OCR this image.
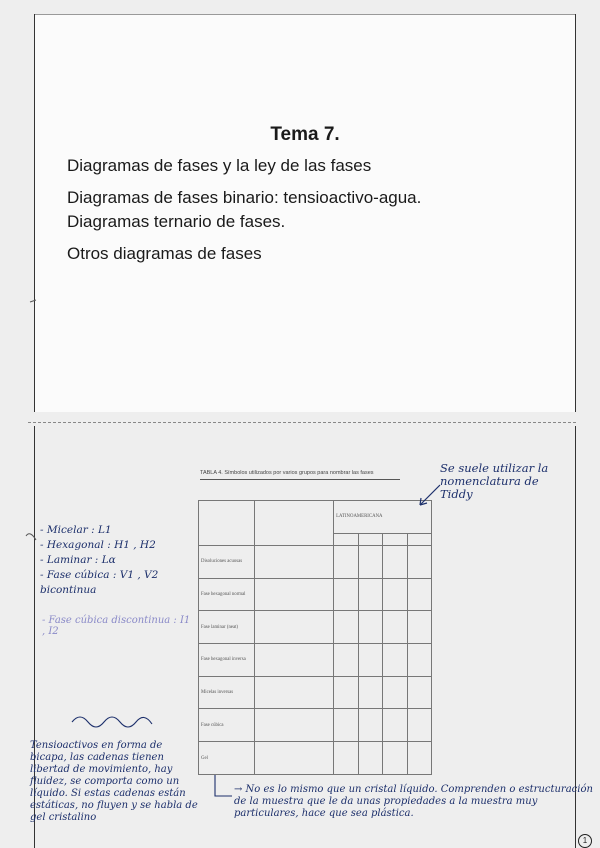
Tema 7.
Diagramas de fases y la ley de las fases
Diagramas de fases binario: tensioactivo-agua.
Diagramas ternario de fases.
Otros diagramas de fases
TABLA 4. Símbolos utilizados por varios grupos para nombrar las fases
		LATINOAMERICANA			

Disoluciones acuosas					
Fase hexagonal normal					
Fase laminar (neat)					
Fase hexagonal inversa					
Micelas inversas					
Fase cúbica					
Gel					
Se suele utilizar la nomenclatura de Tiddy
- Micelar : L1
- Hexagonal : H1 , H2
- Laminar : Lα
- Fase cúbica : V1 , V2
bicontinua
- Fase cúbica discontinua : I1 , I2
Tensioactivos en forma de bicapa, las cadenas tienen libertad de movimiento, hay fluidez, se comporta como un líquido. Si estas cadenas están estáticas, no fluyen y se habla de gel cristalino
→ No es lo mismo que un cristal líquido. Comprenden o estructuración de la muestra que le da unas propiedades a la muestra muy particulares, hace que sea plástica.
1
